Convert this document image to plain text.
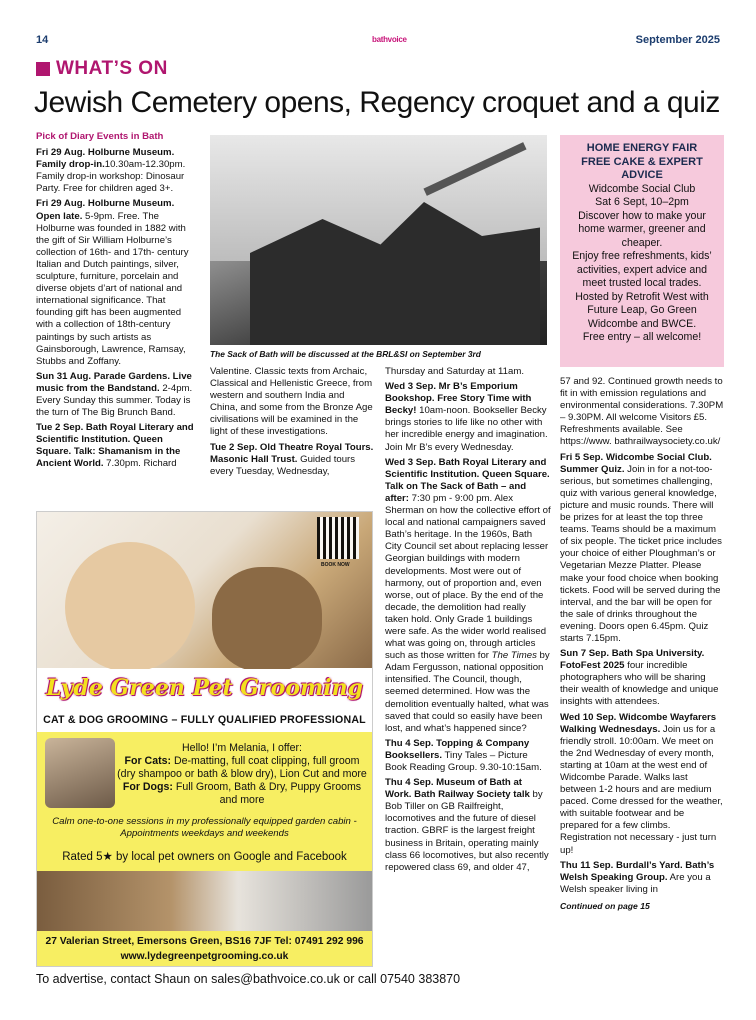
14	bathvoice	September 2025
WHAT’S ON
Jewish Cemetery opens, Regency croquet and a quiz
Pick of Diary Events in Bath

Fri 29 Aug. Holburne Museum. Family drop-in.10.30am-12.30pm. Family drop-in workshop: Dinosaur Party. Free for children aged 3+.

Fri 29 Aug. Holburne Museum. Open late. 5-9pm. Free. The Holburne was founded in 1882 with the gift of Sir William Holburne’s collection of 16th- and 17th- century Italian and Dutch paintings, silver, sculpture, furniture, porcelain and diverse objets d’art of national and international significance. That founding gift has been augmented with a collection of 18th-century paintings by such artists as Gainsborough, Lawrence, Ramsay, Stubbs and Zoffany.

Sun 31 Aug. Parade Gardens. Live music from the Bandstand. 2-4pm. Every Sunday this summer. Today is the turn of The Big Brunch Band.

Tue 2 Sep. Bath Royal Literary and Scientific Institution. Queen Square. Talk: Shamanism in the Ancient World. 7.30pm. Richard

The Sack of Bath will be discussed at the BRL&SI on September 3rd

Valentine. Classic texts from Archaic, Classical and Hellenistic Greece, from western and southern India and China, and some from the Bronze Age civilisations will be examined in the light of these investigations.

Tue 2 Sep. Old Theatre Royal Tours. Masonic Hall Trust. Guided tours every Tuesday, Wednesday,

Thursday and Saturday at 11am.

Wed 3 Sep. Mr B’s Emporium Bookshop. Free Story Time with Becky! 10am-noon. Bookseller Becky brings stories to life like no other with her incredible energy and imagination. Join Mr B’s every Wednesday.

Wed 3 Sep. Bath Royal Literary and Scientific Institution. Queen Square. Talk on The Sack of Bath – and after: 7:30 pm - 9:00 pm. Alex Sherman on how the collective effort of local and national campaigners saved Bath’s heritage. In the 1960s, Bath City Council set about replacing lesser Georgian buildings with modern developments. Most were out of harmony, out of proportion and, even worse, out of place. By the end of the decade, the demolition had really taken hold. Only Grade 1 buildings were safe. As the wider world realised what was going on, through articles such as those written for The Times by Adam Fergusson, national opposition intensified. The Council, though, seemed determined. How was the demolition eventually halted, what was saved that could so easily have been lost, and what’s happened since?

Thu 4 Sep. Topping & Company Booksellers. Tiny Tales – Picture Book Reading Group. 9.30-10:15am.

Thu 4 Sep. Museum of Bath at Work. Bath Railway Society talk by Bob Tiller on GB Railfreight, locomotives and the future of diesel traction. GBRF is the largest freight business in Britain, operating mainly class 66 locomotives, but also recently repowered class 69, and older 47,

HOME ENERGY FAIR
FREE CAKE & EXPERT ADVICE
Widcombe Social Club
Sat 6 Sept, 10–2pm
Discover how to make your home warmer, greener and cheaper.
Enjoy free refreshments, kids’ activities, expert advice and meet trusted local trades.
Hosted by Retrofit West with Future Leap, Go Green Widcombe and BWCE.
Free entry – all welcome!

57 and 92. Continued growth needs to fit in with emission regulations and environmental considerations. 7.30PM – 9.30PM. All welcome Visitors £5. Refreshments available. See https://www. bathrailwaysociety.co.uk/

Fri 5 Sep. Widcombe Social Club. Summer Quiz. Join in for a not-too-serious, but sometimes challenging, quiz with various general knowledge, picture and music rounds. There will be prizes for at least the top three teams. Teams should be a maximum of six people. The ticket price includes your choice of either Ploughman’s or Vegetarian Mezze Platter. Please make your food choice when booking tickets. Food will be served during the interval, and the bar will be open for the sale of drinks throughout the evening. Doors open 6.45pm. Quiz starts 7.15pm.

Sun 7 Sep. Bath Spa University. FotoFest 2025 four incredible photographers who will be sharing their wealth of knowledge and unique insights with attendees.

Wed 10 Sep. Widcombe Wayfarers Walking Wednesdays. Join us for a friendly stroll. 10:00am. We meet on the 2nd Wednesday of every month, starting at 10am at the west end of Widcombe Parade. Walks last between 1-2 hours and are medium paced. Come dressed for the weather, with suitable footwear and be prepared for a few climbs. Registration not necessary - just turn up!

Thu 11 Sep. Burdall’s Yard. Bath’s Welsh Speaking Group. Are you a Welsh speaker living in

Continued on page 15
BOOK NOW
Lyde Green Pet Grooming
CAT & DOG GROOMING – FULLY QUALIFIED PROFESSIONAL
Hello! I’m Melania, I offer:
For Cats: De-matting, full coat clipping, full groom (dry shampoo or bath & blow dry), Lion Cut and more
For Dogs: Full Groom, Bath & Dry, Puppy Grooms and more
Calm one-to-one sessions in my professionally equipped garden cabin - Appointments weekdays and weekends
Rated 5★ by local pet owners on Google and Facebook
27 Valerian Street, Emersons Green, BS16 7JF Tel: 07491 292 996
www.lydegreenpetgrooming.co.uk
To advertise, contact Shaun on sales@bathvoice.co.uk or call 07540 383870
